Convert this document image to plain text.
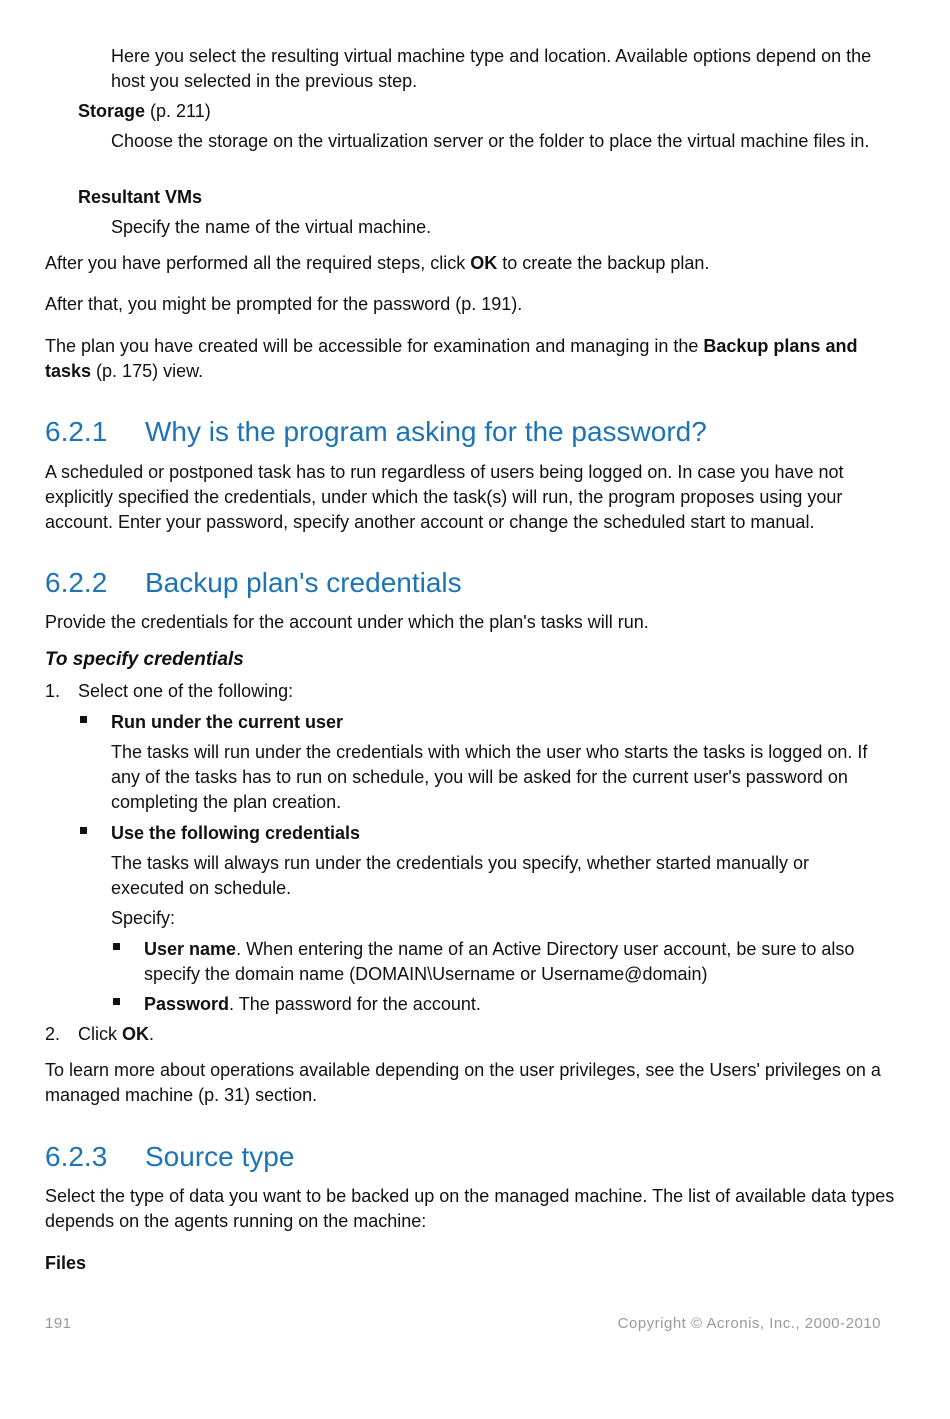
Here you select the resulting virtual machine type and location. Available options depend on the host you selected in the previous step.

Storage (p. 211)

Choose the storage on the virtualization server or the folder to place the virtual machine files in.

Resultant VMs

Specify the name of the virtual machine.

After you have performed all the required steps, click OK to create the backup plan.

After that, you might be prompted for the password (p. 191).

The plan you have created will be accessible for examination and managing in the Backup plans and tasks (p. 175) view.

6.2.1 Why is the program asking for the password?

A scheduled or postponed task has to run regardless of users being logged on. In case you have not explicitly specified the credentials, under which the task(s) will run, the program proposes using your account. Enter your password, specify another account or change the scheduled start to manual.

6.2.2 Backup plan's credentials

Provide the credentials for the account under which the plan's tasks will run.

To specify credentials

1. Select one of the following:

Run under the current user

The tasks will run under the credentials with which the user who starts the tasks is logged on. If any of the tasks has to run on schedule, you will be asked for the current user's password on completing the plan creation.

Use the following credentials

The tasks will always run under the credentials you specify, whether started manually or executed on schedule.

Specify:

User name. When entering the name of an Active Directory user account, be sure to also specify the domain name (DOMAIN\Username or Username@domain)

Password. The password for the account.

2. Click OK.

To learn more about operations available depending on the user privileges, see the Users' privileges on a managed machine (p. 31) section.

6.2.3 Source type

Select the type of data you want to be backed up on the managed machine. The list of available data types depends on the agents running on the machine:

Files

191	Copyright © Acronis, Inc., 2000-2010
